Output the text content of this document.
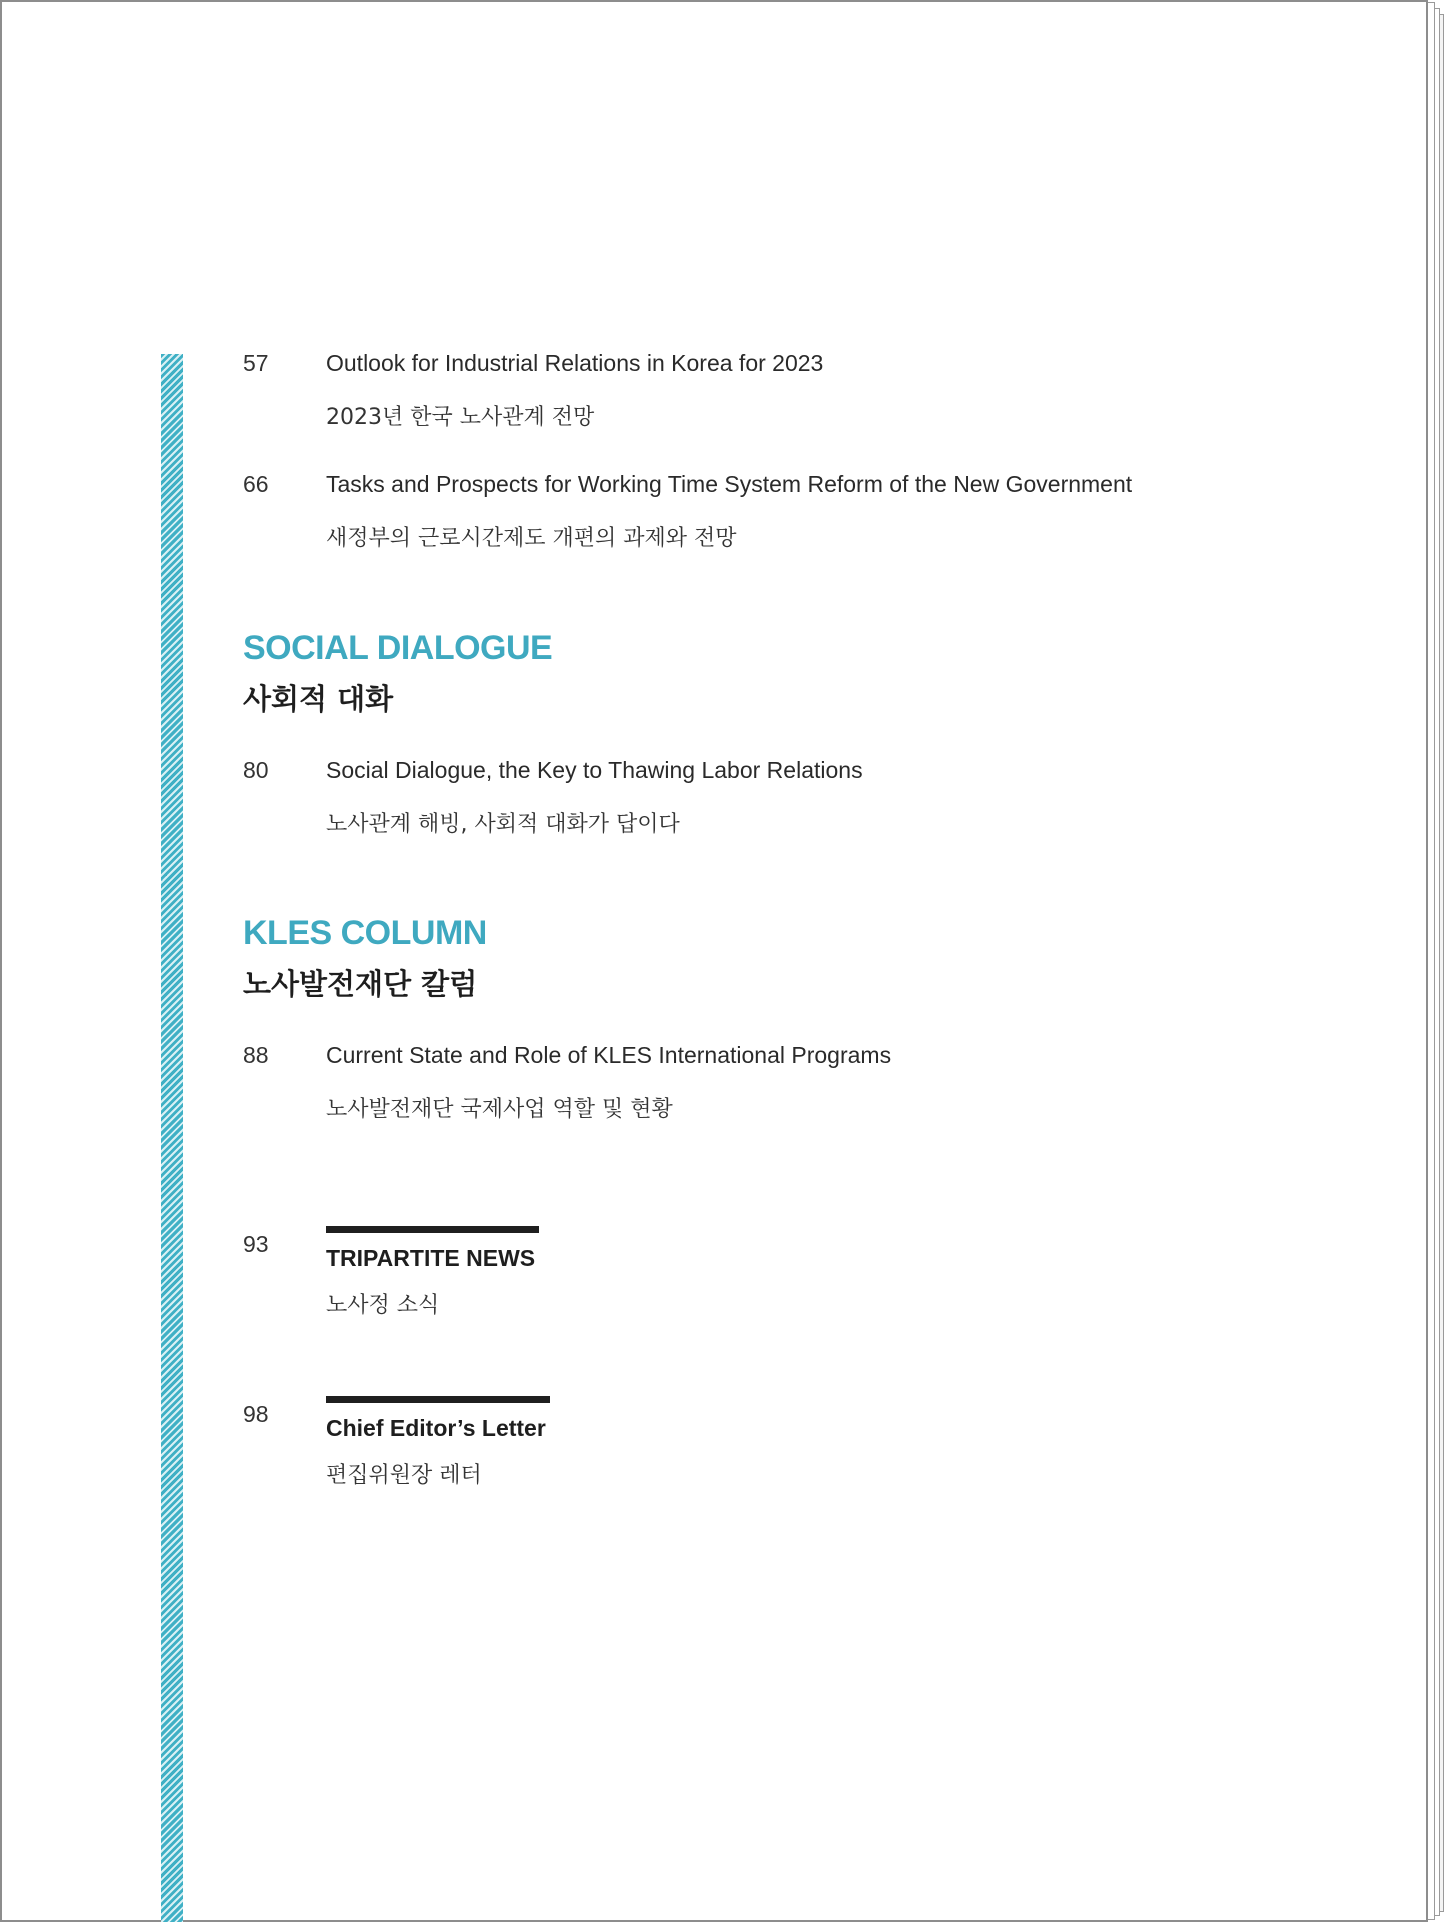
57 Outlook for Industrial Relations in Korea for 2023
2023년 한국 노사관계 전망
66 Tasks and Prospects for Working Time System Reform of the New Government
새정부의 근로시간제도 개편의 과제와 전망
SOCIAL DIALOGUE
사회적 대화
80 Social Dialogue, the Key to Thawing Labor Relations
노사관계 해빙, 사회적 대화가 답이다
KLES COLUMN
노사발전재단 칼럼
88 Current State and Role of KLES International Programs
노사발전재단 국제사업 역할 및 현황
93
TRIPARTITE NEWS
노사정 소식
98
Chief Editor’s Letter
편집위원장 레터
